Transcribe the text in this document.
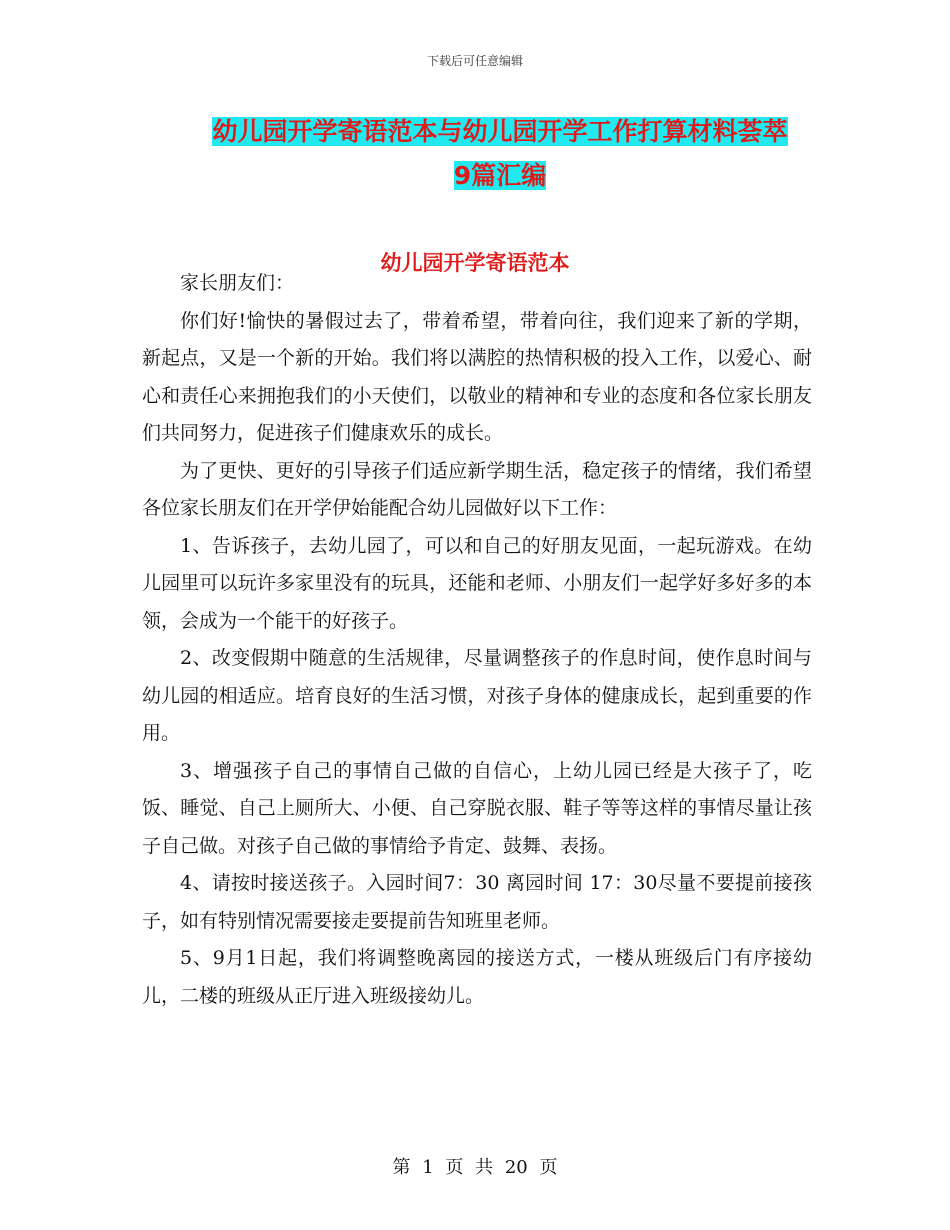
下载后可任意编辑
幼儿园开学寄语范本与幼儿园开学工作打算材料荟萃
9篇汇编
幼儿园开学寄语范本

家长朋友们：

你们好!愉快的暑假过去了，带着希望，带着向往，我们迎来了新的学期，新起点，又是一个新的开始。我们将以满腔的热情积极的投入工作，以爱心、耐心和责任心来拥抱我们的小天使们，以敬业的精神和专业的态度和各位家长朋友们共同努力，促进孩子们健康欢乐的成长。

为了更快、更好的引导孩子们适应新学期生活，稳定孩子的情绪，我们希望各位家长朋友们在开学伊始能配合幼儿园做好以下工作：

1、告诉孩子，去幼儿园了，可以和自己的好朋友见面，一起玩游戏。在幼儿园里可以玩许多家里没有的玩具，还能和老师、小朋友们一起学好多好多的本领，会成为一个能干的好孩子。

2、改变假期中随意的生活规律，尽量调整孩子的作息时间，使作息时间与幼儿园的相适应。培育良好的生活习惯，对孩子身体的健康成长，起到重要的作用。

3、增强孩子自己的事情自己做的自信心，上幼儿园已经是大孩子了，吃饭、睡觉、自己上厕所大、小便、自己穿脱衣服、鞋子等等这样的事情尽量让孩子自己做。对孩子自己做的事情给予肯定、鼓舞、表扬。

4、请按时接送孩子。入园时间7：30 离园时间 17：30尽量不要提前接孩子，如有特别情况需要接走要提前告知班里老师。

5、9月1日起，我们将调整晚离园的接送方式，一楼从班级后门有序接幼儿，二楼的班级从正厅进入班级接幼儿。

第 1 页 共 20 页
